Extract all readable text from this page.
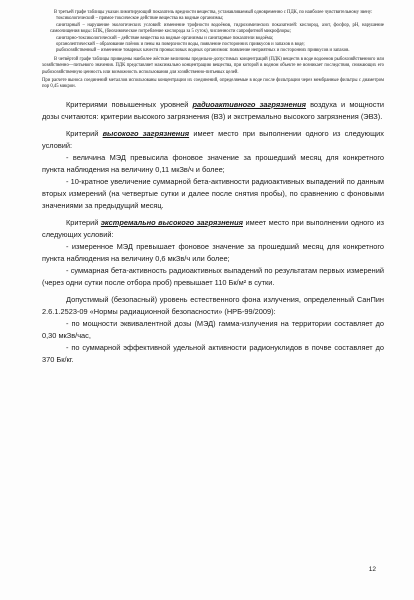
В третьей графе таблицы указан лимитирующий показатель вредности вещества, устанавливаемый одновременно с ПДК, по наиболее чувствительному звену:

токсикологический – прямое токсическое действие вещества на водные организмы;

санитарный – нарушение экологических условий: изменение трофности водоёмов, гидрохимических показателей: кислород, азот, фосфор, рН, нарушение самоочищения воды: БПК₅ (биохимическое потребление кислорода за 5 суток), численности сапрофитной микрофлоры;

санитарно-токсикологический – действие вещества на водные организмы и санитарные показатели водоёма;

органолептический – образование плёнок и пены на поверхности воды, появление посторонних привкусов и запахов в воде;

рыбохозяйственный – изменение товарных качеств промысловых водных организмов: появление неприятных и посторонних привкусов и запахов.

В четвёртой графе таблицы приведены наиболее жёсткие величины предельно-допустимых концентраций (ПДК) веществ в воде водоемов рыбохозяйственного или хозяйственно—питьевого значения. ПДК представляет максимально концентрацию вещества, при которой в водном объекте не возникает последствия, снижающих его рыбохозяйственную ценность или возможность использования для хозяйственно-питьевых целей.

При расчете выноса соединений металлов использованы концентрации их соединений, определяемые в воде после фильтрации через мембранные фильтры с диаметром пор 0,45 микрон.

Критериями повышенных уровней радиоактивного загрязнения воздуха и мощности дозы считаются: критерии высокого загрязнения (ВЗ) и экстремально высокого загрязнения (ЭВЗ).

Критерий высокого загрязнения имеет место при выполнении одного из следующих условий:

- величина МЭД превысила фоновое значение за прошедший месяц для конкретного пункта наблюдения на величину 0,11 мкЗв/ч и более;

- 10-кратное увеличение суммарной бета-активности радиоактивных выпадений по данным вторых измерений (на четвертые сутки и далее после снятия пробы), по сравнению с фоновыми значениями за предыдущий месяц.

Критерий экстремально высокого загрязнения имеет место при выполнении одного из следующих условий:

- измеренное МЭД превышает фоновое значение за прошедший месяц для конкретного пункта наблюдения на величину 0,6 мкЗв/ч или более;

- суммарная бета-активность радиоактивных выпадений по результатам первых измерений (через одни сутки после отбора проб) превышает 110 Бк/м² в сутки.

Допустимый (безопасный) уровень естественного фона излучения, определенный СанПин 2.6.1.2523-09 «Нормы радиационной безопасности» (НРБ-99/2009):

- по мощности эквивалентной дозы (МЭД) гамма-излучения на территории составляет до 0,30 мкЗв/час,

- по суммарной эффективной удельной активности радионуклидов в почве составляет до 370 Бк/кг.

12
